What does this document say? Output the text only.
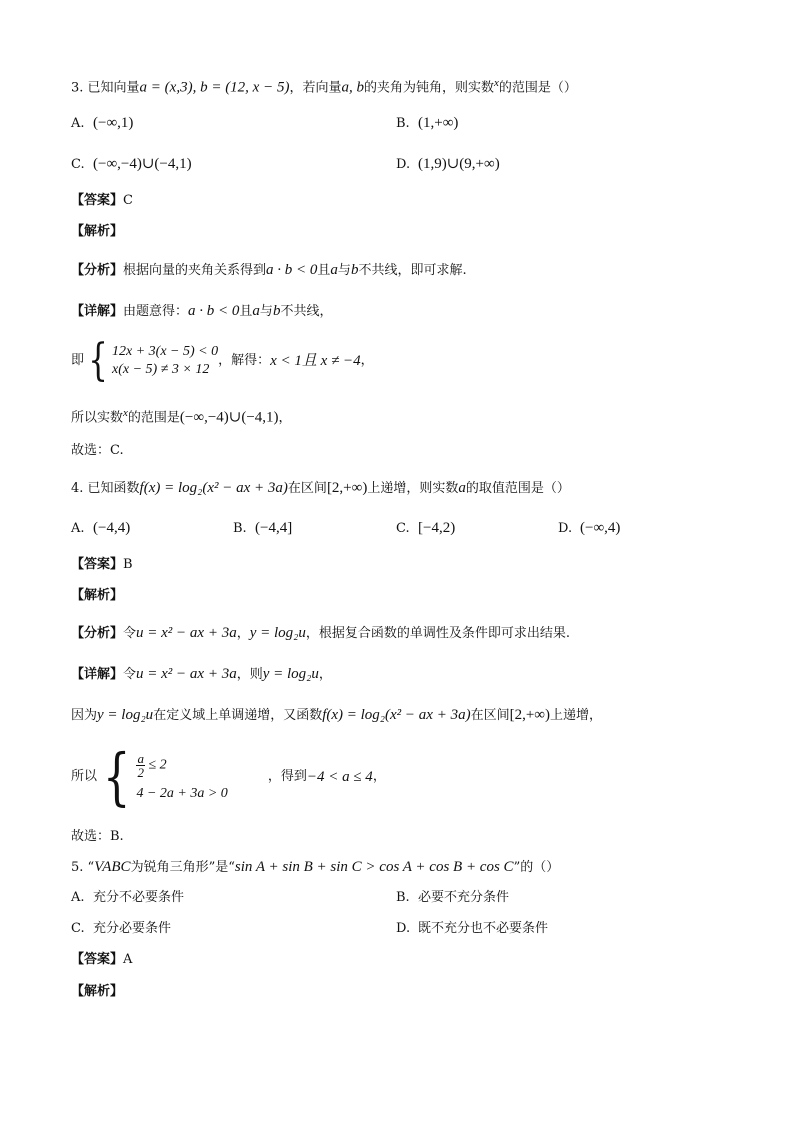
3. 已知向量a = (x,3), b = (12, x − 5)，若向量a, b的夹角为钝角，则实数$^x$的范围是（）
A. (−∞,1)	B. (1,+∞)
C. (−∞,−4)∪(−4,1)	D. (1,9)∪(9,+∞)
【答案】C
【解析】
【分析】根据向量的夹角关系得到a · b < 0且a与b不共线，即可求解.
【详解】由题意得：a · b < 0且a与b不共线，
即 { 12x + 3(x − 5) < 0
x(x − 5) ≠ 3 × 12
，解得： x < 1且 x ≠ −4 ，
所以实数$^x$的范围是(−∞,−4)∪(−4,1)，
故选：C.
4. 已知函数f(x) = log₂(x² − ax + 3a)在区间[2,+∞)上递增，则实数a的取值范围是（）
A. (−4,4)	B. (−4,4]	C. [−4,2)	D. (−∞,4)
【答案】B
【解析】
【分析】令u = x² − ax + 3a，y = log₂u，根据复合函数的单调性及条件即可求出结果.
【详解】令u = x² − ax + 3a，则y = log₂u，
因为y = log₂u在定义域上单调递增，又函数f(x) = log₂(x² − ax + 3a)在区间[2,+∞)上递增，
所以 { $\frac{a}{2} \le 2$
4 − 2a + 3a > 0
，得到 −4 < a ≤ 4 ，
故选：B.
5. “VABC为锐角三角形”是“sin A + sin B + sin C > cos A + cos B + cos C”的（）
A. 充分不必要条件	B. 必要不充分条件
C. 充分必要条件	D. 既不充分也不必要条件
【答案】A
【解析】
